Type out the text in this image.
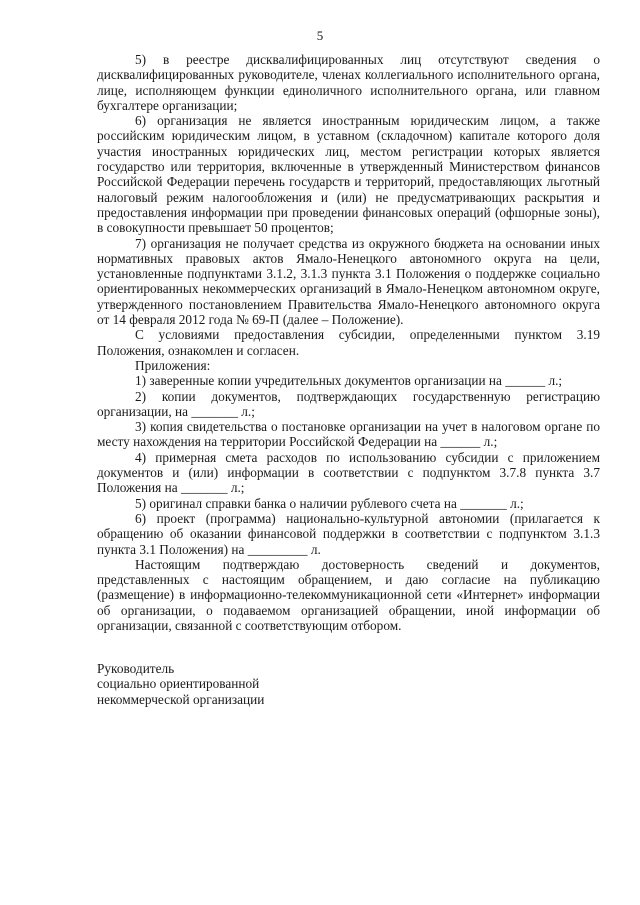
5

5) в реестре дисквалифицированных лиц отсутствуют сведения о дисквалифицированных руководителе, членах коллегиального исполнительного органа, лице, исполняющем функции единоличного исполнительного органа, или главном бухгалтере организации;

6) организация не является иностранным юридическим лицом, а также российским юридическим лицом, в уставном (складочном) капитале которого доля участия иностранных юридических лиц, местом регистрации которых является государство или территория, включенные в утвержденный Министерством финансов Российской Федерации перечень государств и территорий, предоставляющих льготный налоговый режим налогообложения и (или) не предусматривающих раскрытия и предоставления информации при проведении финансовых операций (офшорные зоны), в совокупности превышает 50 процентов;

7) организация не получает средства из окружного бюджета на основании иных нормативных правовых актов Ямало-Ненецкого автономного округа на цели, установленные подпунктами 3.1.2, 3.1.3 пункта 3.1 Положения о поддержке социально ориентированных некоммерческих организаций в Ямало-Ненецком автономном округе, утвержденного постановлением Правительства Ямало-Ненецкого автономного округа от 14 февраля 2012 года № 69-П (далее – Положение).

С условиями предоставления субсидии, определенными пунктом 3.19 Положения, ознакомлен и согласен.

Приложения:

1) заверенные копии учредительных документов организации на ______ л.;

2) копии документов, подтверждающих государственную регистрацию организации, на _______ л.;

3) копия свидетельства о постановке организации на учет в налоговом органе по месту нахождения на территории Российской Федерации на ______ л.;

4) примерная смета расходов по использованию субсидии с приложением документов и (или) информации в соответствии с подпунктом 3.7.8 пункта 3.7 Положения на _______ л.;

5) оригинал справки банка о наличии рублевого счета на _______ л.;

6) проект (программа) национально-культурной автономии (прилагается к обращению об оказании финансовой поддержки в соответствии с подпунктом 3.1.3 пункта 3.1 Положения) на _________ л.

Настоящим подтверждаю достоверность сведений и документов, представленных с настоящим обращением, и даю согласие на публикацию (размещение) в информационно-телекоммуникационной сети «Интернет» информации об организации, о подаваемом организацией обращении, иной информации об организации, связанной с соответствующим отбором.

Руководитель
социально ориентированной
некоммерческой организации
